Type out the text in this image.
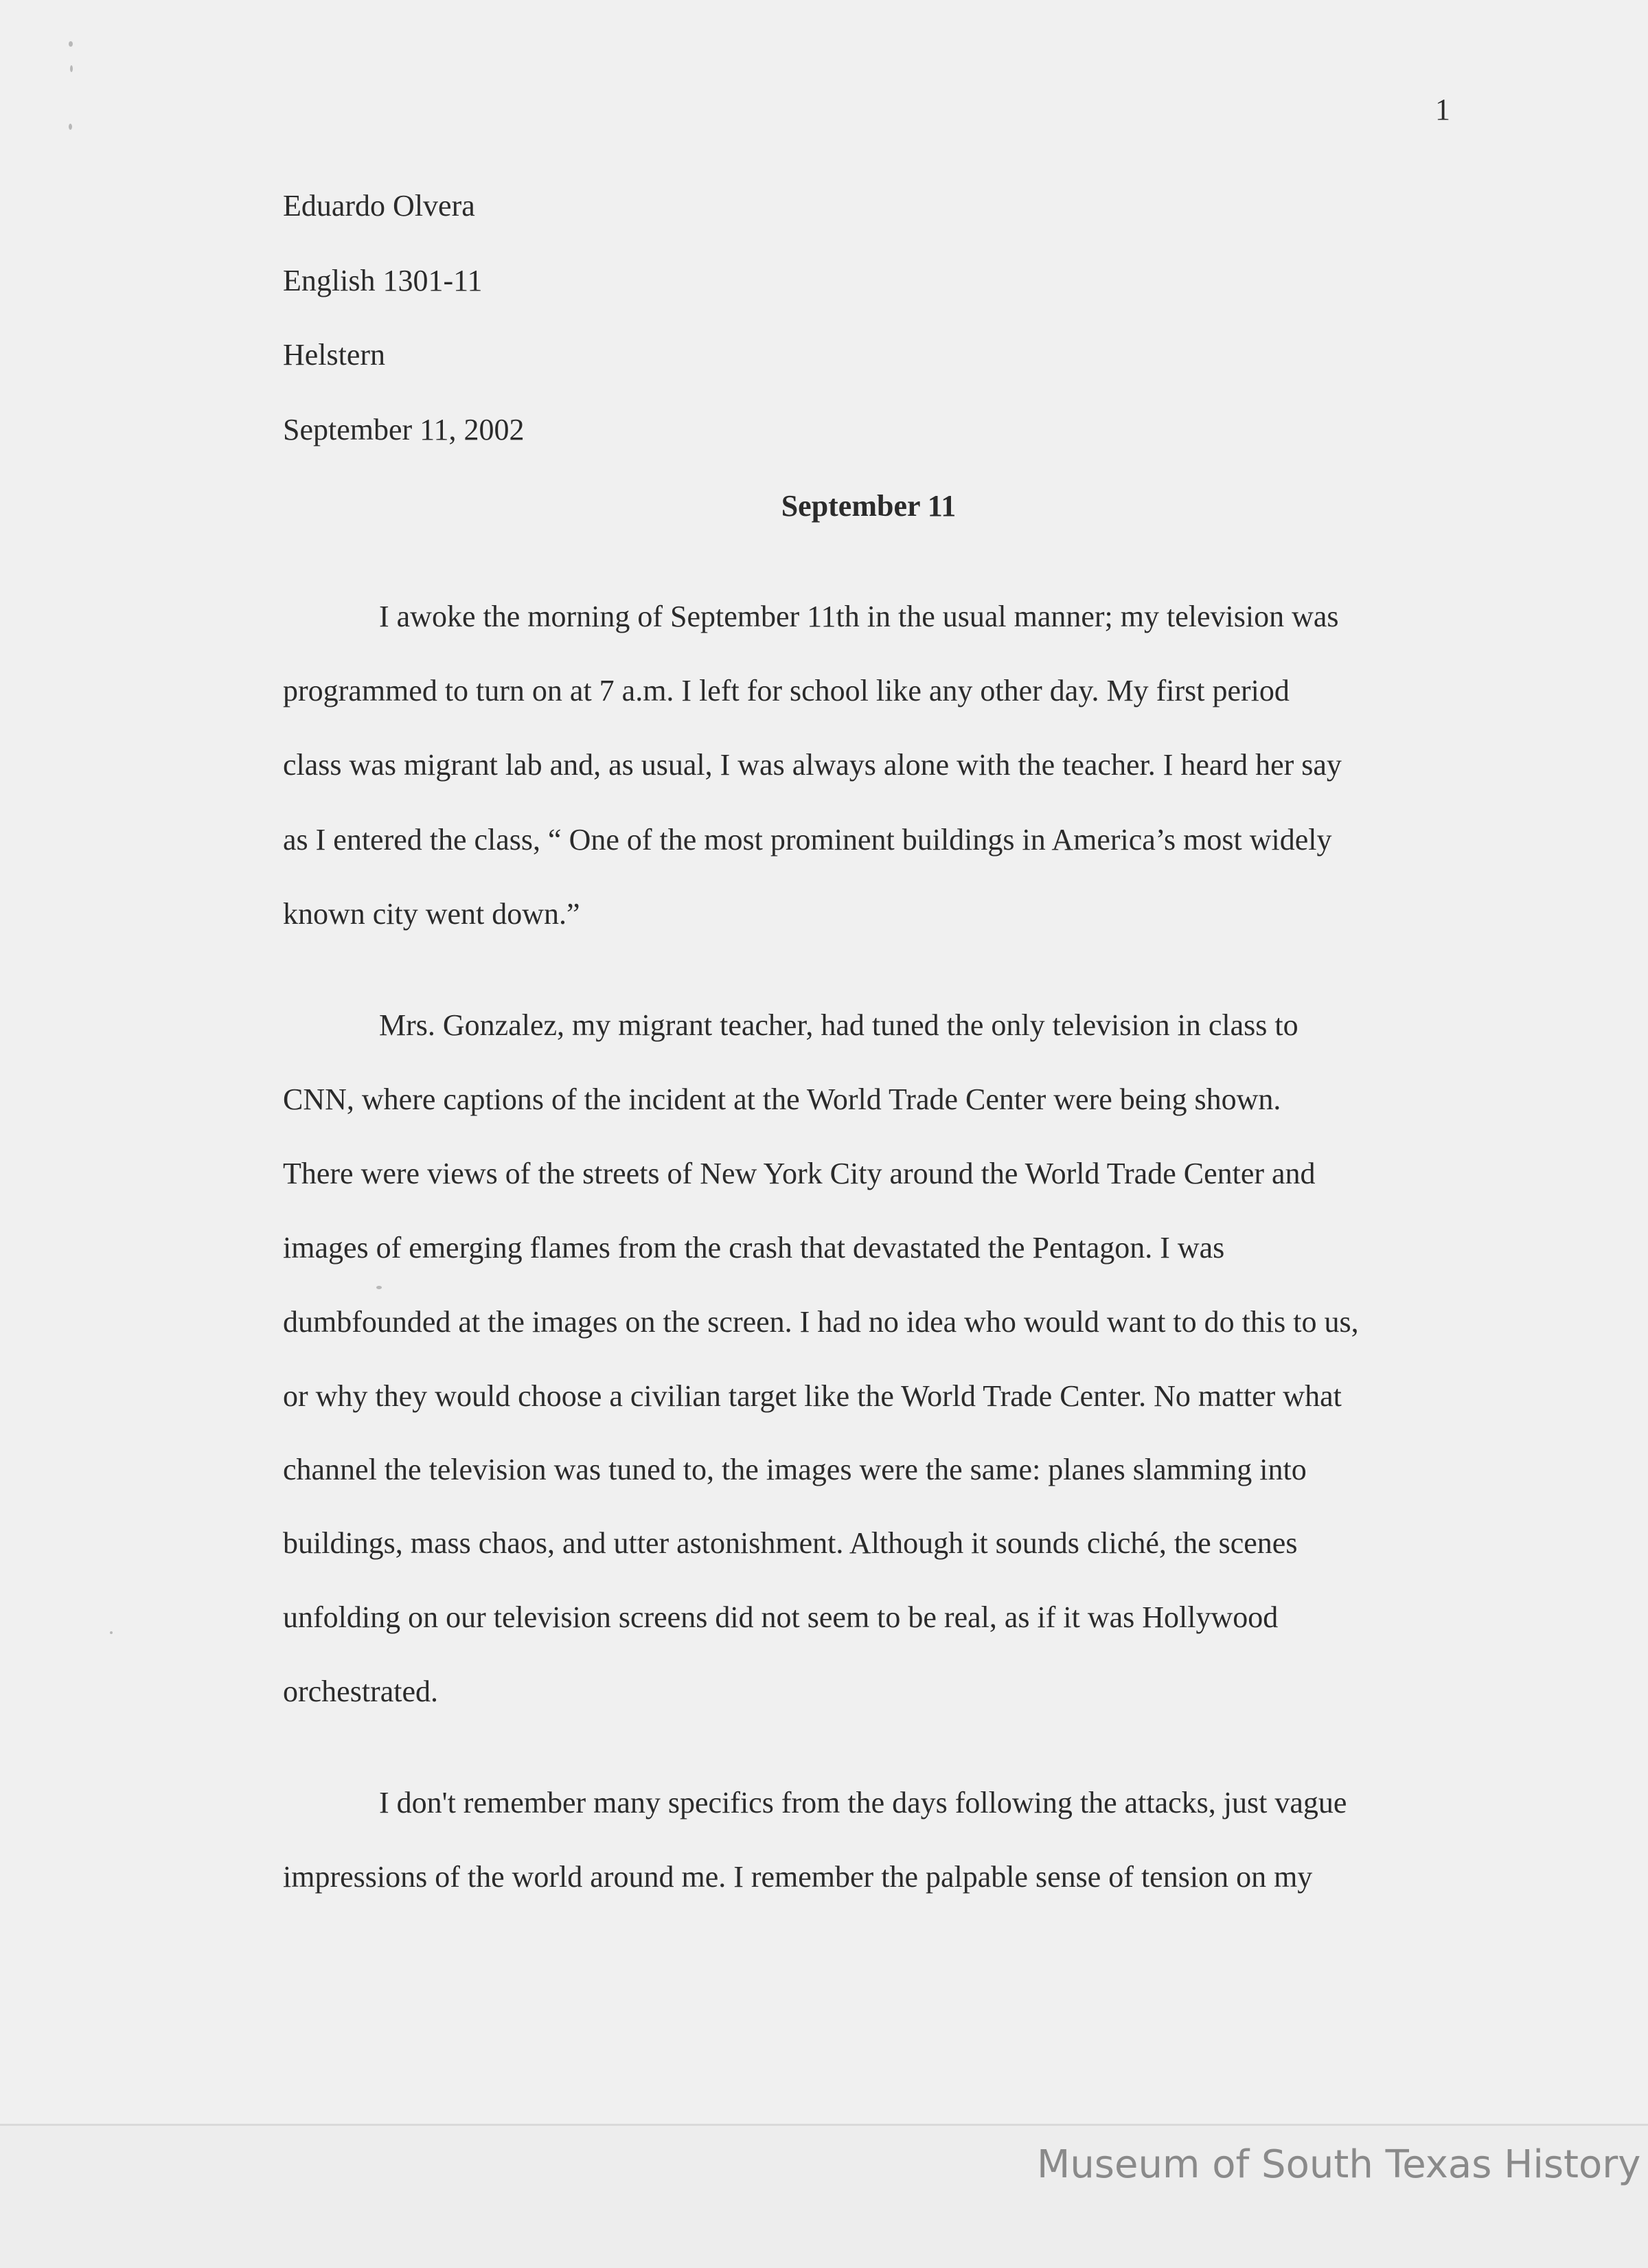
1
Eduardo Olvera
English 1301-11
Helstern
September 11, 2002
September 11
I awoke the morning of September 11th in the usual manner; my television was
programmed to turn on at 7 a.m. I left for school like any other day. My first period
class was migrant lab and, as usual, I was always alone with the teacher. I heard her say
as I entered the class, “ One of the most prominent buildings in America’s most widely
known city went down.”
Mrs. Gonzalez, my migrant teacher, had tuned the only television in class to
CNN, where captions of the incident at the World Trade Center were being shown.
There were views of the streets of New York City around the World Trade Center and
images of emerging flames from the crash that devastated the Pentagon. I was
dumbfounded at the images on the screen. I had no idea who would want to do this to us,
or why they would choose a civilian target like the World Trade Center. No matter what
channel the television was tuned to, the images were the same: planes slamming into
buildings, mass chaos, and utter astonishment. Although it sounds cliché, the scenes
unfolding on our television screens did not seem to be real, as if it was Hollywood
orchestrated.
I don't remember many specifics from the days following the attacks, just vague
impressions of the world around me. I remember the palpable sense of tension on my
Museum of South Texas History
